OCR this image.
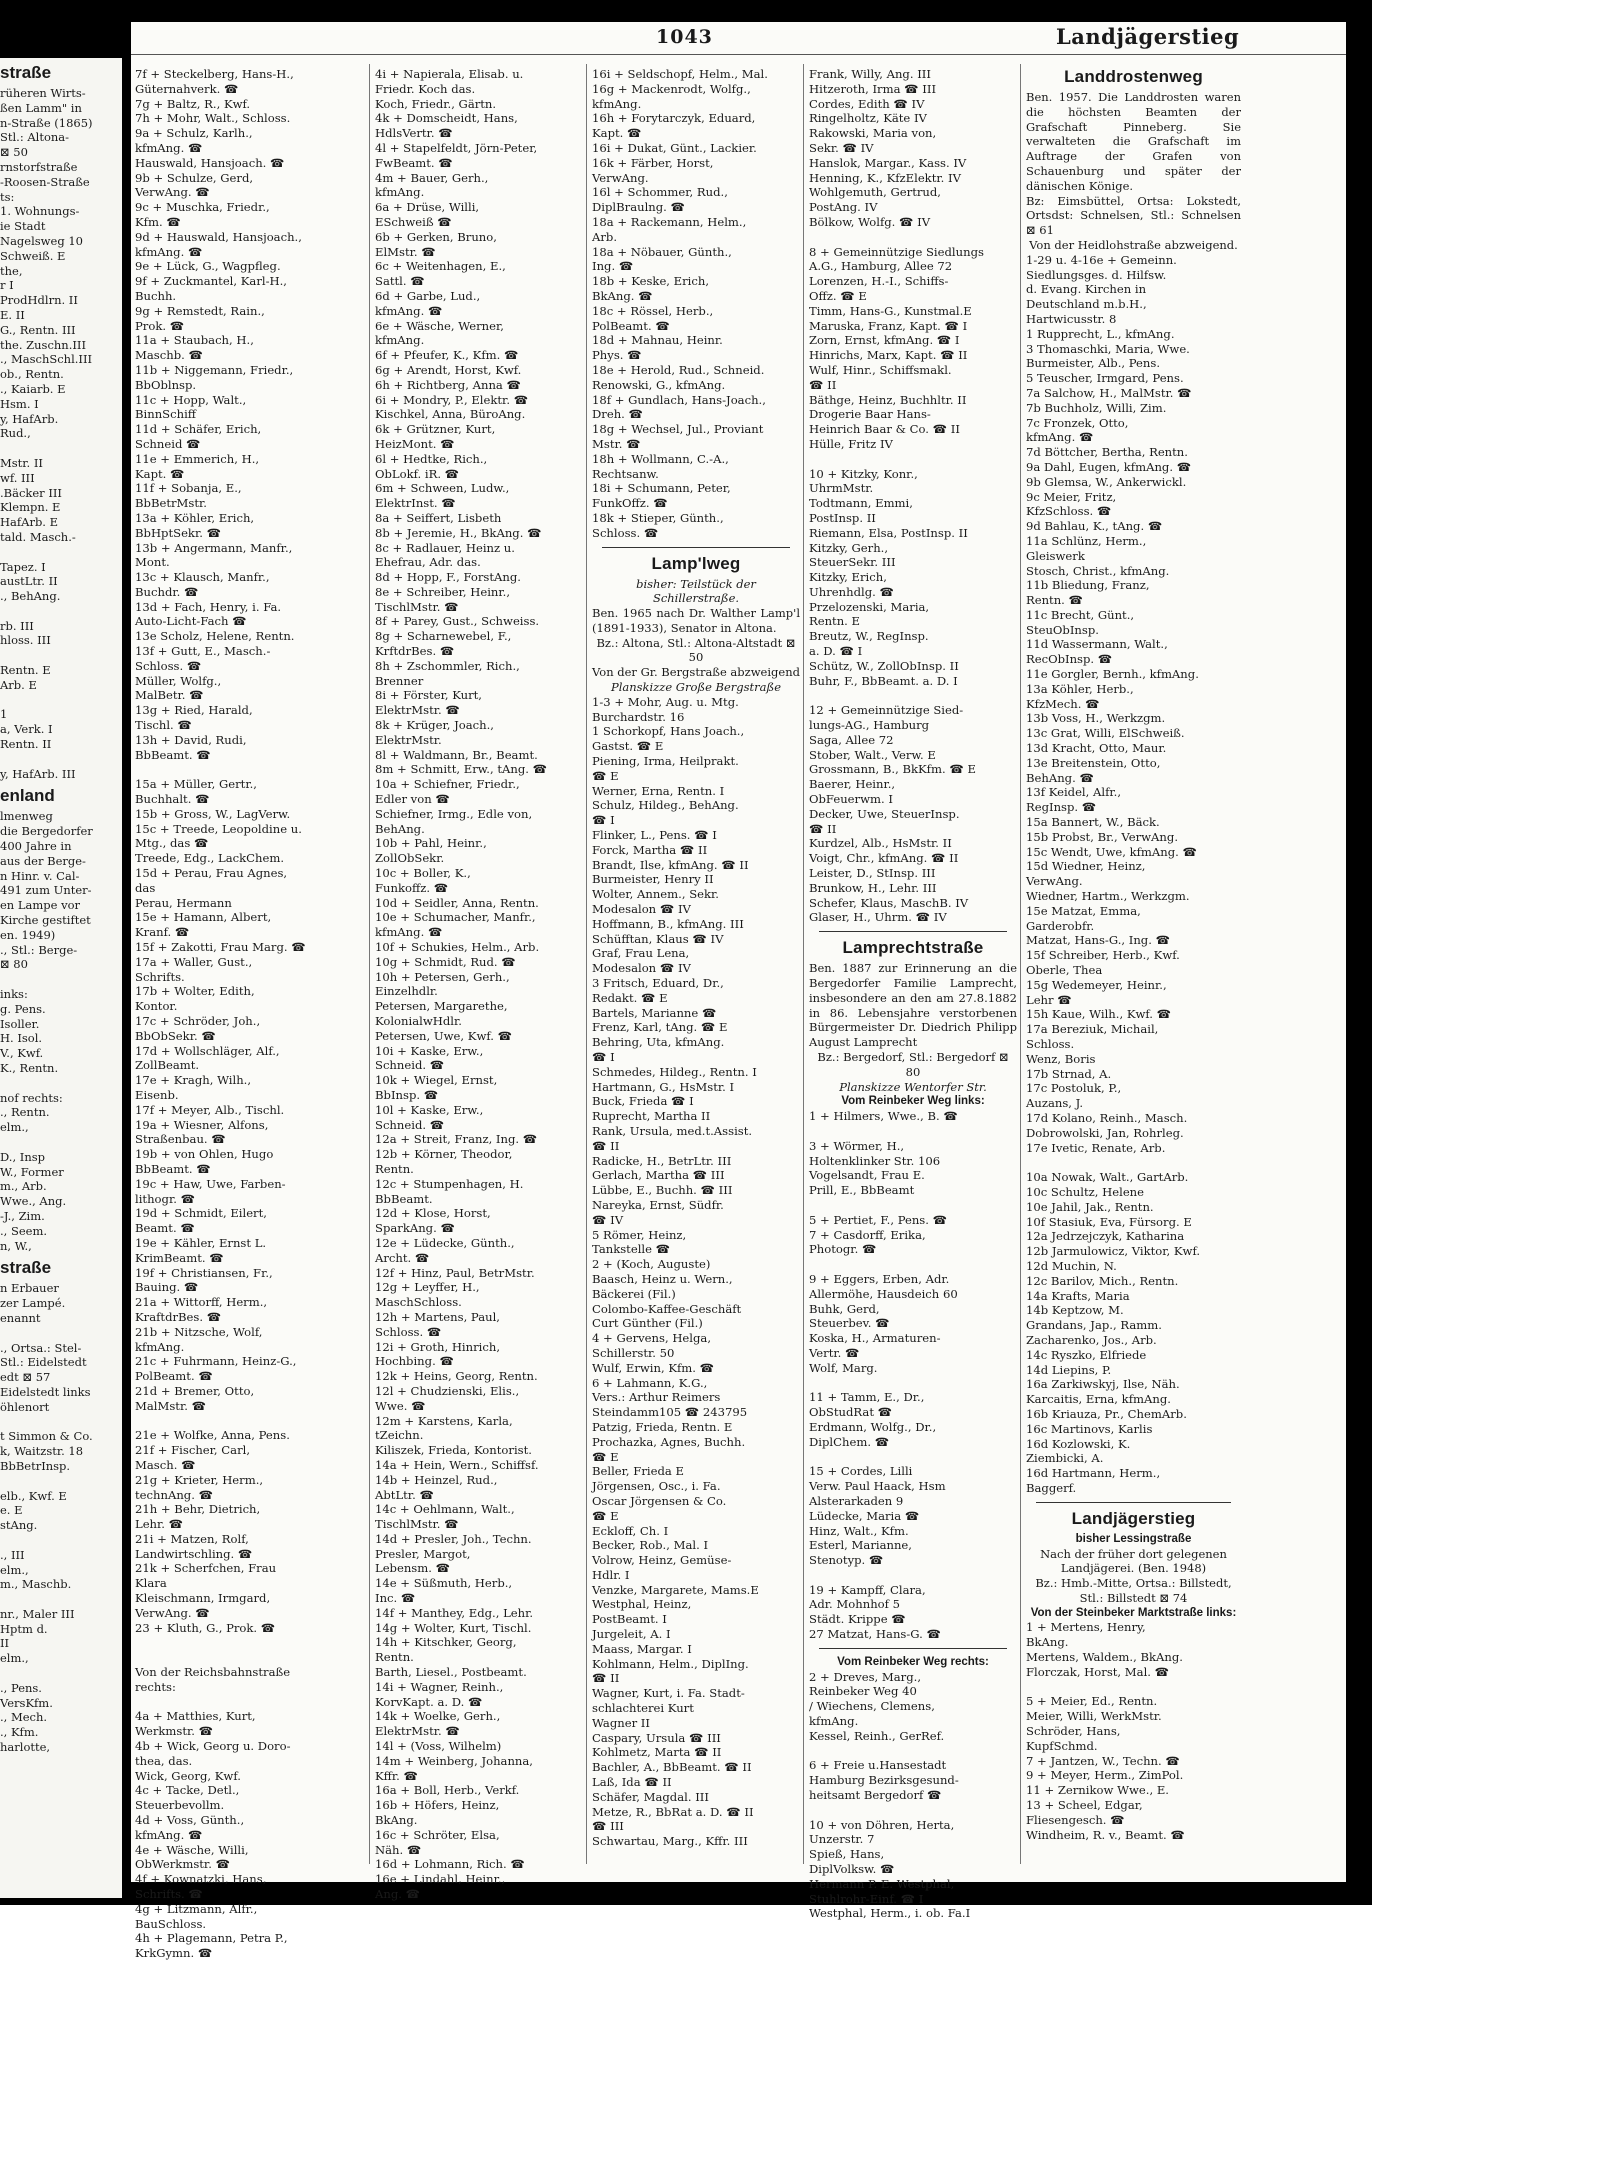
straße
rüheren Wirts-
ßen Lamm" in
n-Straße (1865)
Stl.: Altona-
⊠ 50
rnstorfstraße
-Roosen-Straße
ts:
1. Wohnungs-
ie Stadt
Nagelsweg 10
Schweiß. E
the,
r I
ProdHdlrn. II
E. II
G., Rentn. III
the. Zuschn.III
., MaschSchl.III
ob., Rentn.
., Kaiarb. E
Hsm. I
y, HafArb.
Rud.,

Mstr. II
wf. III
.Bäcker III
Klempn. E
HafArb. E
tald. Masch.-

Tapez. I
austLtr. II
., BehAng.

rb. III
hloss. III

Rentn. E
Arb. E

1
a, Verk. I
Rentn. II

y, HafArb. III
enland
lmenweg
die Bergedorfer
400 Jahre in
aus der Berge-
n Hinr. v. Cal-
491 zum Unter-
en Lampe vor
Kirche gestiftet
en. 1949)
., Stl.: Berge-
⊠ 80

inks:
g. Pens.
Isoller.
H. Isol.
V., Kwf.
K., Rentn.

nof rechts:
., Rentn.
elm.,

D., Insp
W., Former
m., Arb.
Wwe., Ang.
-J., Zim.
., Seem.
n, W.,
straße
n Erbauer
zer Lampé.
enannt

., Ortsa.: Stel-
Stl.: Eidelstedt
edt ⊠ 57
Eidelstedt links
öhlenort

t Simmon & Co.
k, Waitzstr. 18
BbBetrInsp.

elb., Kwf. E
e. E
stAng.

., III
elm.,
m., Maschb.

nr., Maler III
Hptm d.
II
elm.,

., Pens.
VersKfm.
., Mech.
., Kfm.
harlotte,
1043	Landjägerstieg
7f + Steckelberg, Hans-H.,
Güternahverk. ☎
7g + Baltz, R., Kwf.
7h + Mohr, Walt., Schloss.
9a + Schulz, Karlh.,
kfmAng. ☎
Hauswald, Hansjoach. ☎
9b + Schulze, Gerd,
VerwAng. ☎
9c + Muschka, Friedr.,
Kfm. ☎
9d + Hauswald, Hansjoach.,
kfmAng. ☎
9e + Lück, G., Wagpfleg.
9f + Zuckmantel, Karl-H.,
Buchh.
9g + Remstedt, Rain.,
Prok. ☎
11a + Staubach, H.,
Maschb. ☎
11b + Niggemann, Friedr.,
BbOblnsp.
11c + Hopp, Walt.,
BinnSchiff
11d + Schäfer, Erich,
Schneid ☎
11e + Emmerich, H.,
Kapt. ☎
11f + Sobanja, E.,
BbBetrMstr.
13a + Köhler, Erich,
BbHptSekr. ☎
13b + Angermann, Manfr.,
Mont.
13c + Klausch, Manfr.,
Buchdr. ☎
13d + Fach, Henry, i. Fa.
Auto-Licht-Fach ☎
13e Scholz, Helene, Rentn.
13f + Gutt, E., Masch.-
Schloss. ☎
Müller, Wolfg.,
MalBetr. ☎
13g + Ried, Harald,
Tischl. ☎
13h + David, Rudi,
BbBeamt. ☎

15a + Müller, Gertr.,
Buchhalt. ☎
15b + Gross, W., LagVerw.
15c + Treede, Leopoldine u.
Mtg., das ☎
Treede, Edg., LackChem.
15d + Perau, Frau Agnes,
das
Perau, Hermann
15e + Hamann, Albert,
Kranf. ☎
15f + Zakotti, Frau Marg. ☎
17a + Waller, Gust.,
Schrifts.
17b + Wolter, Edith,
Kontor.
17c + Schröder, Joh.,
BbObSekr. ☎
17d + Wollschläger, Alf.,
ZollBeamt.
17e + Kragh, Wilh.,
Eisenb.
17f + Meyer, Alb., Tischl.
19a + Wiesner, Alfons,
Straßenbau. ☎
19b + von Ohlen, Hugo
BbBeamt. ☎
19c + Haw, Uwe, Farben-
lithogr. ☎
19d + Schmidt, Eilert,
Beamt. ☎
19e + Kähler, Ernst L.
KrimBeamt. ☎
19f + Christiansen, Fr.,
Bauing. ☎
21a + Wittorff, Herm.,
KraftdrBes. ☎
21b + Nitzsche, Wolf,
kfmAng.
21c + Fuhrmann, Heinz-G.,
PolBeamt. ☎
21d + Bremer, Otto,
MalMstr. ☎

21e + Wolfke, Anna, Pens.
21f + Fischer, Carl,
Masch. ☎
21g + Krieter, Herm.,
technAng. ☎
21h + Behr, Dietrich,
Lehr. ☎
21i + Matzen, Rolf,
Landwirtschling. ☎
21k + Scherfchen, Frau
Klara
Kleischmann, Irmgard,
VerwAng. ☎
23 + Kluth, G., Prok. ☎

Von der Reichsbahnstraße
rechts:

4a + Matthies, Kurt,
Werkmstr. ☎
4b + Wick, Georg u. Doro-
thea, das.
Wick, Georg, Kwf.
4c + Tacke, Detl.,
Steuerbevollm.
4d + Voss, Günth.,
kfmAng. ☎
4e + Wäsche, Willi,
ObWerkmstr. ☎
4f + Kownatzki, Hans,
Schrifts. ☎
4g + Litzmann, Alfr.,
BauSchloss.
4h + Plagemann, Petra P.,
KrkGymn. ☎
4i + Napierala, Elisab. u.
Friedr. Koch das.
Koch, Friedr., Gärtn.
4k + Domscheidt, Hans,
HdlsVertr. ☎
4l + Stapelfeldt, Jörn-Peter,
FwBeamt. ☎
4m + Bauer, Gerh.,
kfmAng.
6a + Drüse, Willi,
ESchweiß ☎
6b + Gerken, Bruno,
ElMstr. ☎
6c + Weitenhagen, E.,
Sattl. ☎
6d + Garbe, Lud.,
kfmAng. ☎
6e + Wäsche, Werner,
kfmAng.
6f + Pfeufer, K., Kfm. ☎
6g + Arendt, Horst, Kwf.
6h + Richtberg, Anna ☎
6i + Mondry, P., Elektr. ☎
Kischkel, Anna, BüroAng.
6k + Grützner, Kurt,
HeizMont. ☎
6l + Hedtke, Rich.,
ObLokf. iR. ☎
6m + Schween, Ludw.,
ElektrInst. ☎
8a + Seiffert, Lisbeth
8b + Jeremie, H., BkAng. ☎
8c + Radlauer, Heinz u.
Ehefrau, Adr. das.
8d + Hopp, F., ForstAng.
8e + Schreiber, Heinr.,
TischlMstr. ☎
8f + Parey, Gust., Schweiss.
8g + Scharnewebel, F.,
KrftdrBes. ☎
8h + Zschommler, Rich.,
Brenner
8i + Förster, Kurt,
ElektrMstr. ☎
8k + Krüger, Joach.,
ElektrMstr.
8l + Waldmann, Br., Beamt.
8m + Schmitt, Erw., tAng. ☎
10a + Schiefner, Friedr.,
Edler von ☎
Schiefner, Irmg., Edle von,
BehAng.
10b + Pahl, Heinr.,
ZollObSekr.
10c + Boller, K.,
Funkoffz. ☎
10d + Seidler, Anna, Rentn.
10e + Schumacher, Manfr.,
kfmAng. ☎
10f + Schukies, Helm., Arb.
10g + Schmidt, Rud. ☎
10h + Petersen, Gerh.,
Einzelhdlr.
Petersen, Margarethe,
KolonialwHdlr.
Petersen, Uwe, Kwf. ☎
10i + Kaske, Erw.,
Schneid. ☎
10k + Wiegel, Ernst,
BbInsp. ☎
10l + Kaske, Erw.,
Schneid. ☎
12a + Streit, Franz, Ing. ☎
12b + Körner, Theodor,
Rentn.
12c + Stumpenhagen, H.
BbBeamt.
12d + Klose, Horst,
SparkAng. ☎
12e + Lüdecke, Günth.,
Archt. ☎
12f + Hinz, Paul, BetrMstr.
12g + Leyffer, H.,
MaschSchloss.
12h + Martens, Paul,
Schloss. ☎
12i + Groth, Hinrich,
Hochbing. ☎
12k + Heins, Georg, Rentn.
12l + Chudzienski, Elis.,
Wwe. ☎
12m + Karstens, Karla,
tZeichn.
Kiliszek, Frieda, Kontorist.
14a + Hein, Wern., Schiffsf.
14b + Heinzel, Rud.,
AbtLtr. ☎
14c + Oehlmann, Walt.,
TischlMstr. ☎
14d + Presler, Joh., Techn.
Presler, Margot,
Lebensm. ☎
14e + Süßmuth, Herb.,
Inc. ☎
14f + Manthey, Edg., Lehr.
14g + Wolter, Kurt, Tischl.
14h + Kitschker, Georg,
Rentn.
Barth, Liesel., Postbeamt.
14i + Wagner, Reinh.,
KorvKapt. a. D. ☎
14k + Woelke, Gerh.,
ElektrMstr. ☎
14l + (Voss, Wilhelm)
14m + Weinberg, Johanna,
Kffr. ☎
16a + Boll, Herb., Verkf.
16b + Höfers, Heinz,
BkAng.
16c + Schröter, Elsa,
Näh. ☎
16d + Lohmann, Rich. ☎
16e + Lindahl, Heinr.,
Ang. ☎
16i + Seldschopf, Helm., Mal.
16g + Mackenrodt, Wolfg.,
kfmAng.
16h + Forytarczyk, Eduard,
Kapt. ☎
16i + Dukat, Günt., Lackier.
16k + Färber, Horst,
VerwAng.
16l + Schommer, Rud.,
DiplBraulng. ☎
18a + Rackemann, Helm.,
Arb.
18a + Nöbauer, Günth.,
Ing. ☎
18b + Keske, Erich,
BkAng. ☎
18c + Rössel, Herb.,
PolBeamt. ☎
18d + Mahnau, Heinr.
Phys. ☎
18e + Herold, Rud., Schneid.
Renowski, G., kfmAng.
18f + Gundlach, Hans-Joach.,
Dreh. ☎
18g + Wechsel, Jul., Proviant
Mstr. ☎
18h + Wollmann, C.-A.,
Rechtsanw.
18i + Schumann, Peter,
FunkOffz. ☎
18k + Stieper, Günth.,
Schloss. ☎
Lamp'lweg
bisher: Teilstück der Schillerstraße.
Ben. 1965 nach Dr. Walther Lamp'l (1891-1933), Senator in Altona.
Bz.: Altona, Stl.: Altona-Altstadt ⊠ 50
Von der Gr. Bergstraße abzweigend
Planskizze Große Bergstraße
1-3 + Mohr, Aug. u. Mtg.
Burchardstr. 16
1 Schorkopf, Hans Joach.,
Gastst. ☎ E
Piening, Irma, Heilprakt.
☎ E
Werner, Erna, Rentn. I
Schulz, Hildeg., BehAng.
☎ I
Flinker, L., Pens. ☎ I
Forck, Martha ☎ II
Brandt, Ilse, kfmAng. ☎ II
Burmeister, Henry II
Wolter, Annem., Sekr.
Modesalon ☎ IV
Hoffmann, B., kfmAng. III
Schüfftan, Klaus ☎ IV
Graf, Frau Lena,
Modesalon ☎ IV
3 Fritsch, Eduard, Dr.,
Redakt. ☎ E
Bartels, Marianne ☎
Frenz, Karl, tAng. ☎ E
Behring, Uta, kfmAng.
☎ I
Schmedes, Hildeg., Rentn. I
Hartmann, G., HsMstr. I
Buck, Frieda ☎ I
Ruprecht, Martha II
Rank, Ursula, med.t.Assist.
☎ II
Radicke, H., BetrLtr. III
Gerlach, Martha ☎ III
Lübbe, E., Buchh. ☎ III
Nareyka, Ernst, Südfr.
☎ IV
5 Römer, Heinz,
Tankstelle ☎
2 + (Koch, Auguste)
Baasch, Heinz u. Wern.,
Bäckerei (Fil.)
Colombo-Kaffee-Geschäft
Curt Günther (Fil.)
4 + Gervens, Helga,
Schillerstr. 50
Wulf, Erwin, Kfm. ☎
6 + Lahmann, K.G.,
Vers.: Arthur Reimers
Steindamm105 ☎ 243795
Patzig, Frieda, Rentn. E
Prochazka, Agnes, Buchh.
☎ E
Beller, Frieda E
Jörgensen, Osc., i. Fa.
Oscar Jörgensen & Co.
☎ E
Eckloff, Ch. I
Becker, Rob., Mal. I
Volrow, Heinz, Gemüse-
Hdlr. I
Venzke, Margarete, Mams.E
Westphal, Heinz,
PostBeamt. I
Jurgeleit, A. I
Maass, Margar. I
Kohlmann, Helm., DiplIng.
☎ II
Wagner, Kurt, i. Fa. Stadt-
schlachterei Kurt
Wagner II
Caspary, Ursula ☎ III
Kohlmetz, Marta ☎ II
Bachler, A., BbBeamt. ☎ II
Laß, Ida ☎ II
Schäfer, Magdal. III
Metze, R., BbRat a. D. ☎ II
☎ III
Schwartau, Marg., Kffr. III
Frank, Willy, Ang. III
Hitzeroth, Irma ☎ III
Cordes, Edith ☎ IV
Ringelholtz, Käte IV
Rakowski, Maria von,
Sekr. ☎ IV
Hanslok, Margar., Kass. IV
Henning, K., KfzElektr. IV
Wohlgemuth, Gertrud,
PostAng. IV
Bölkow, Wolfg. ☎ IV

8 + Gemeinnützige Siedlungs
A.G., Hamburg, Allee 72
Lorenzen, H.-I., Schiffs-
Offz. ☎ E
Timm, Hans-G., Kunstmal.E
Maruska, Franz, Kapt. ☎ I
Zorn, Ernst, kfmAng. ☎ I
Hinrichs, Marx, Kapt. ☎ II
Wulf, Hinr., Schiffsmakl.
☎ II
Bäthge, Heinz, Buchhltr. II
Drogerie Baar Hans-
Heinrich Baar & Co. ☎ II
Hülle, Fritz IV

10 + Kitzky, Konr.,
UhrmMstr.
Todtmann, Emmi,
PostInsp. II
Riemann, Elsa, PostInsp. II
Kitzky, Gerh.,
SteuerSekr. III
Kitzky, Erich,
Uhrenhdlg. ☎
Przelozenski, Maria,
Rentn. E
Breutz, W., RegInsp.
a. D. ☎ I
Schütz, W., ZollObInsp. II
Buhr, F., BbBeamt. a. D. I

12 + Gemeinnützige Sied-
lungs-AG., Hamburg
Saga, Allee 72
Stober, Walt., Verw. E
Grossmann, B., BkKfm. ☎ E
Baerer, Heinr.,
ObFeuerwm. I
Decker, Uwe, SteuerInsp.
☎ II
Kurdzel, Alb., HsMstr. II
Voigt, Chr., kfmAng. ☎ II
Leister, D., StInsp. III
Brunkow, H., Lehr. III
Schefer, Klaus, MaschB. IV
Glaser, H., Uhrm. ☎ IV
Lamprechtstraße
Ben. 1887 zur Erinnerung an die Bergedorfer Familie Lamprecht, insbesondere an den am 27.8.1882 in 86. Lebensjahre verstorbenen Bürgermeister Dr. Diedrich Philipp August Lamprecht
Bz.: Bergedorf, Stl.: Bergedorf ⊠ 80
Planskizze Wentorfer Str.
Vom Reinbeker Weg links:
1 + Hilmers, Wwe., B. ☎

3 + Wörmer, H.,
Holtenklinker Str. 106
Vogelsandt, Frau E.
Prill, E., BbBeamt

5 + Pertiet, F., Pens. ☎
7 + Casdorff, Erika,
Photogr. ☎

9 + Eggers, Erben, Adr.
Allermöhe, Hausdeich 60
Buhk, Gerd,
Steuerbev. ☎
Koska, H., Armaturen-
Vertr. ☎
Wolf, Marg.

11 + Tamm, E., Dr.,
ObStudRat ☎
Erdmann, Wolfg., Dr.,
DiplChem. ☎

15 + Cordes, Lilli
Verw. Paul Haack, Hsm
Alsterarkaden 9
Lüdecke, Maria ☎
Hinz, Walt., Kfm.
Esterl, Marianne,
Stenotyp. ☎

19 + Kampff, Clara,
Adr. Mohnhof 5
Städt. Krippe ☎
27 Matzat, Hans-G. ☎
Vom Reinbeker Weg rechts:
2 + Dreves, Marg.,
Reinbeker Weg 40
/ Wiechens, Clemens,
kfmAng.
Kessel, Reinh., GerRef.

6 + Freie u.Hansestadt
Hamburg Bezirksgesund-
heitsamt Bergedorf ☎

10 + von Döhren, Herta,
Unzerstr. 7
Spieß, Hans,
DiplVolksw. ☎
Hermann P. E. Westphal,
Stuhlrohr-Einf. ☎ I
Westphal, Herm., i. ob. Fa.I
Landdrostenweg
Ben. 1957. Die Landdrosten waren die höchsten Beamten der Grafschaft Pinneberg. Sie verwalteten die Grafschaft im Auftrage der Grafen von Schauenburg und später der dänischen Könige.
Bz: Eimsbüttel, Ortsa: Lokstedt, Ortsdst: Schnelsen, Stl.: Schnelsen ⊠ 61
Von der Heidlohstraße abzweigend.
1-29 u. 4-16e + Gemeinn.
Siedlungsges. d. Hilfsw.
d. Evang. Kirchen in
Deutschland m.b.H.,
Hartwicusstr. 8
1 Rupprecht, L., kfmAng.
3 Thomaschki, Maria, Wwe.
Burmeister, Alb., Pens.
5 Teuscher, Irmgard, Pens.
7a Salchow, H., MalMstr. ☎
7b Buchholz, Willi, Zim.
7c Fronzek, Otto,
kfmAng. ☎
7d Böttcher, Bertha, Rentn.
9a Dahl, Eugen, kfmAng. ☎
9b Glemsa, W., Ankerwickl.
9c Meier, Fritz,
KfzSchloss. ☎
9d Bahlau, K., tAng. ☎
11a Schlünz, Herm.,
Gleiswerk
Stosch, Christ., kfmAng.
11b Bliedung, Franz,
Rentn. ☎
11c Brecht, Günt.,
SteuObInsp.
11d Wassermann, Walt.,
RecObInsp. ☎
11e Gorgler, Bernh., kfmAng.
13a Köhler, Herb.,
KfzMech. ☎
13b Voss, H., Werkzgm.
13c Grat, Willi, ElSchweiß.
13d Kracht, Otto, Maur.
13e Breitenstein, Otto,
BehAng. ☎
13f Keidel, Alfr.,
RegInsp. ☎
15a Bannert, W., Bäck.
15b Probst, Br., VerwAng.
15c Wendt, Uwe, kfmAng. ☎
15d Wiedner, Heinz,
VerwAng.
Wiedner, Hartm., Werkzgm.
15e Matzat, Emma,
Garderobfr.
Matzat, Hans-G., Ing. ☎
15f Schreiber, Herb., Kwf.
Oberle, Thea
15g Wedemeyer, Heinr.,
Lehr ☎
15h Kaue, Wilh., Kwf. ☎
17a Bereziuk, Michail,
Schloss.
Wenz, Boris
17b Strnad, A.
17c Postoluk, P.,
Auzans, J.
17d Kolano, Reinh., Masch.
Dobrowolski, Jan, Rohrleg.
17e Ivetic, Renate, Arb.

10a Nowak, Walt., GartArb.
10c Schultz, Helene
10e Jahil, Jak., Rentn.
10f Stasiuk, Eva, Fürsorg. E
12a Jedrzejczyk, Katharina
12b Jarmulowicz, Viktor, Kwf.
12d Muchin, N.
12c Barilov, Mich., Rentn.
14a Krafts, Maria
14b Keptzow, M.
Grandans, Jap., Ramm.
Zacharenko, Jos., Arb.
14c Ryszko, Elfriede
14d Liepins, P.
16a Zarkiwskyj, Ilse, Näh.
Karcaitis, Erna, kfmAng.
16b Kriauza, Pr., ChemArb.
16c Martinovs, Karlis
16d Kozlowski, K.
Ziembicki, A.
16d Hartmann, Herm.,
Baggerf.
Landjägerstieg
bisher Lessingstraße
Nach der früher dort gelegenen Landjägerei. (Ben. 1948)
Bz.: Hmb.-Mitte, Ortsa.: Billstedt, Stl.: Billstedt ⊠ 74
Von der Steinbeker Marktstraße links:
1 + Mertens, Henry,
BkAng.
Mertens, Waldem., BkAng.
Florczak, Horst, Mal. ☎

5 + Meier, Ed., Rentn.
Meier, Willi, WerkMstr.
Schröder, Hans,
KupfSchmd.
7 + Jantzen, W., Techn. ☎
9 + Meyer, Herm., ZimPol.
11 + Zernikow Wwe., E.
13 + Scheel, Edgar,
Fliesengesch. ☎
Windheim, R. v., Beamt. ☎
